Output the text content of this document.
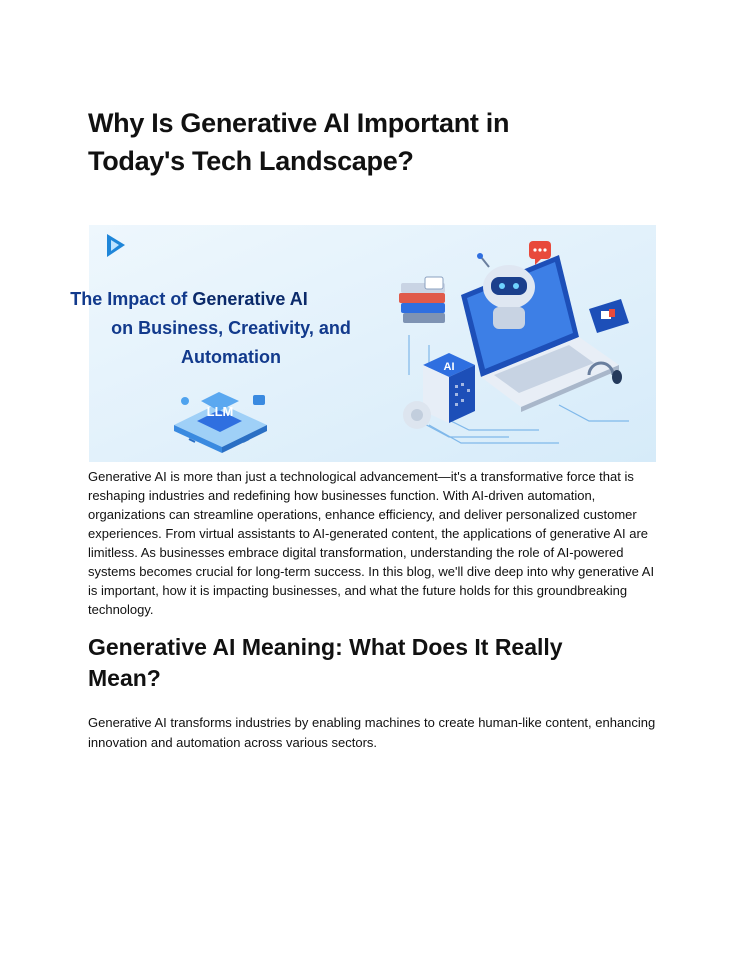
Why Is Generative AI Important in Today's Tech Landscape?
The Impact of Generative AI
on Business, Creativity, and
Automation
LLM
AI

Generative AI is more than just a technological advancement—it's a transformative force that is reshaping industries and redefining how businesses function. With AI-driven automation, organizations can streamline operations, enhance efficiency, and deliver personalized customer experiences. From virtual assistants to AI-generated content, the applications of generative AI are limitless. As businesses embrace digital transformation, understanding the role of AI-powered systems becomes crucial for long-term success. In this blog, we'll dive deep into why generative AI is important, how it is impacting businesses, and what the future holds for this groundbreaking technology.

Generative AI Meaning: What Does It Really Mean?

Generative AI transforms industries by enabling machines to create human-like content, enhancing innovation and automation across various sectors.
